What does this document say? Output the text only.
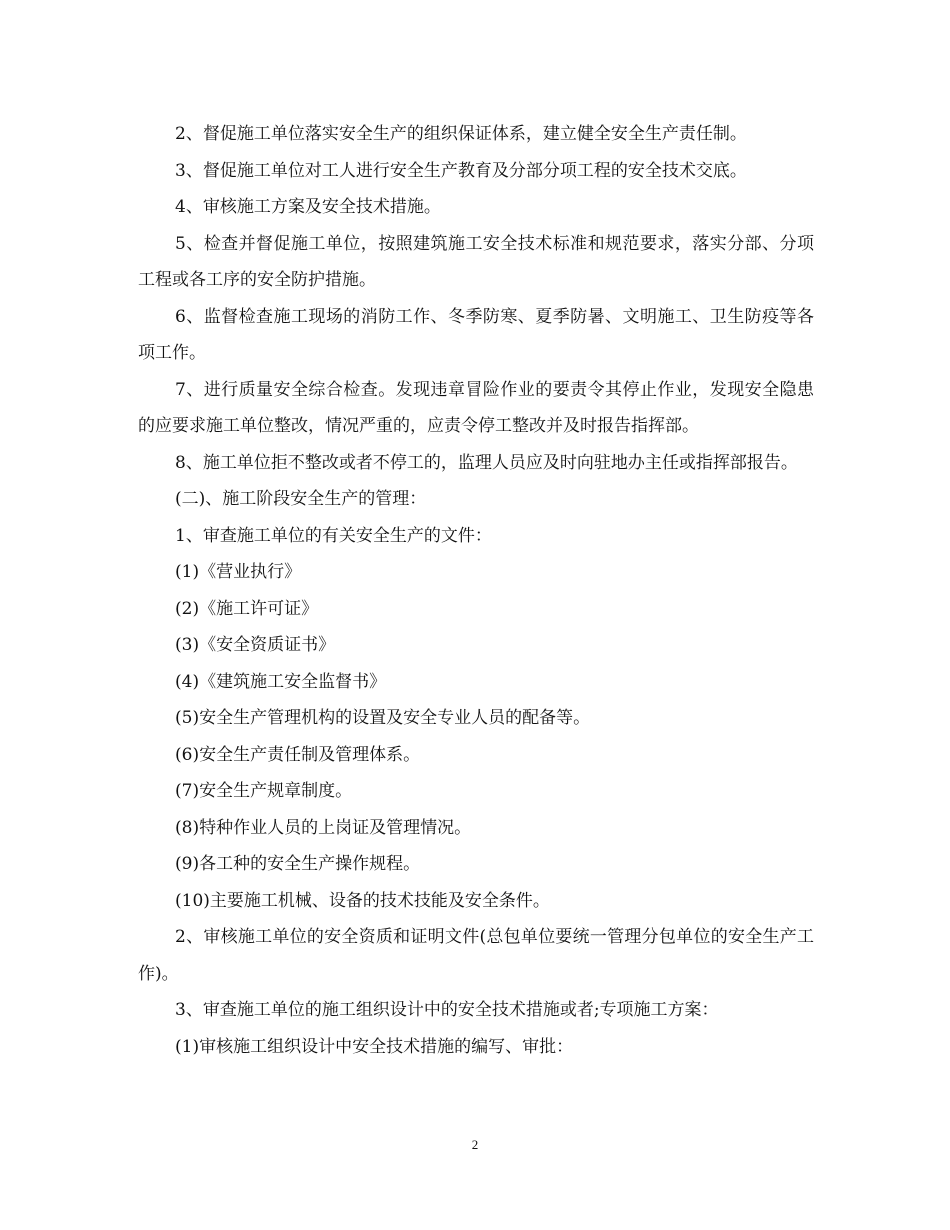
2、督促施工单位落实安全生产的组织保证体系，建立健全安全生产责任制。

3、督促施工单位对工人进行安全生产教育及分部分项工程的安全技术交底。

4、审核施工方案及安全技术措施。

5、检查并督促施工单位，按照建筑施工安全技术标准和规范要求，落实分部、分项工程或各工序的安全防护措施。

6、监督检查施工现场的消防工作、冬季防寒、夏季防暑、文明施工、卫生防疫等各项工作。

7、进行质量安全综合检查。发现违章冒险作业的要责令其停止作业，发现安全隐患的应要求施工单位整改，情况严重的，应责令停工整改并及时报告指挥部。

8、施工单位拒不整改或者不停工的，监理人员应及时向驻地办主任或指挥部报告。

(二)、施工阶段安全生产的管理：

1、审查施工单位的有关安全生产的文件：

(1)《营业执行》

(2)《施工许可证》

(3)《安全资质证书》

(4)《建筑施工安全监督书》

(5)安全生产管理机构的设置及安全专业人员的配备等。

(6)安全生产责任制及管理体系。

(7)安全生产规章制度。

(8)特种作业人员的上岗证及管理情况。

(9)各工种的安全生产操作规程。

(10)主要施工机械、设备的技术技能及安全条件。

2、审核施工单位的安全资质和证明文件(总包单位要统一管理分包单位的安全生产工作)。

3、审查施工单位的施工组织设计中的安全技术措施或者;专项施工方案：

(1)审核施工组织设计中安全技术措施的编写、审批：

2
